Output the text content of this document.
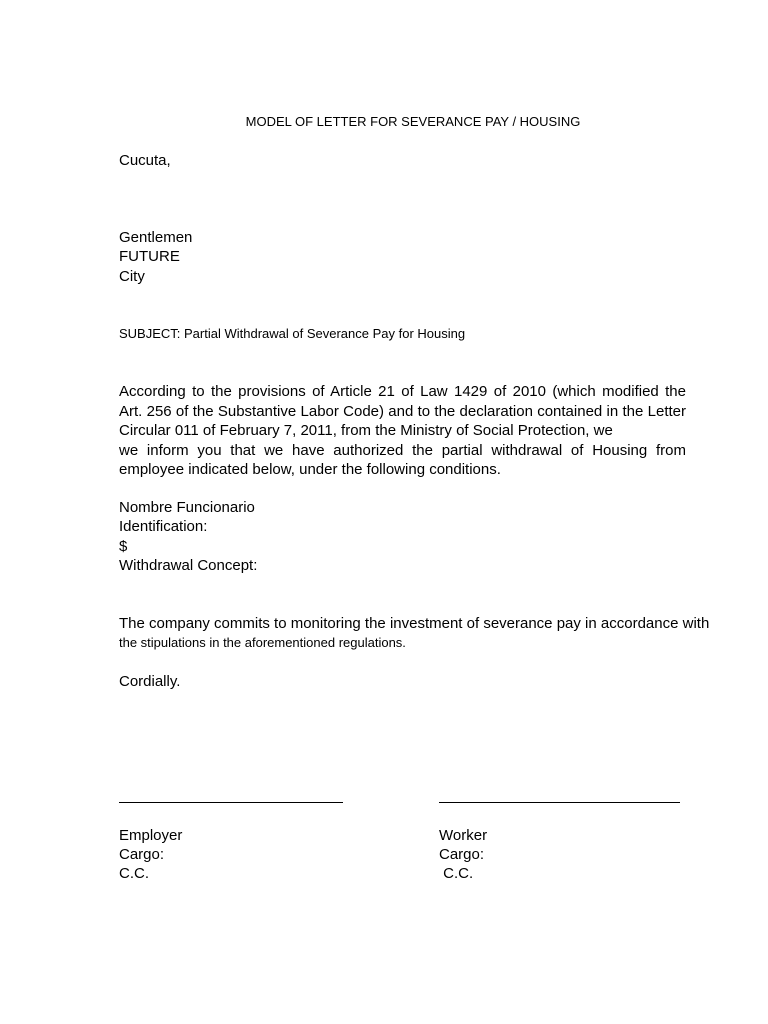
MODEL OF LETTER FOR SEVERANCE PAY / HOUSING
Cucuta,
Gentlemen
FUTURE
City
SUBJECT: Partial Withdrawal of Severance Pay for Housing
According to the provisions of Article 21 of Law 1429 of 2010 (which modified the
Art. 256 of the Substantive Labor Code) and to the declaration contained in the Letter
Circular 011 of February 7, 2011, from the Ministry of Social Protection, we
we inform you that we have authorized the partial withdrawal of Housing from
employee indicated below, under the following conditions.
Nombre Funcionario
Identification:
$
Withdrawal Concept:
The company commits to monitoring the investment of severance pay in accordance with
the stipulations in the aforementioned regulations.
Cordially.
Employer
Cargo:
C.C.
Worker
Cargo:
C.C.
